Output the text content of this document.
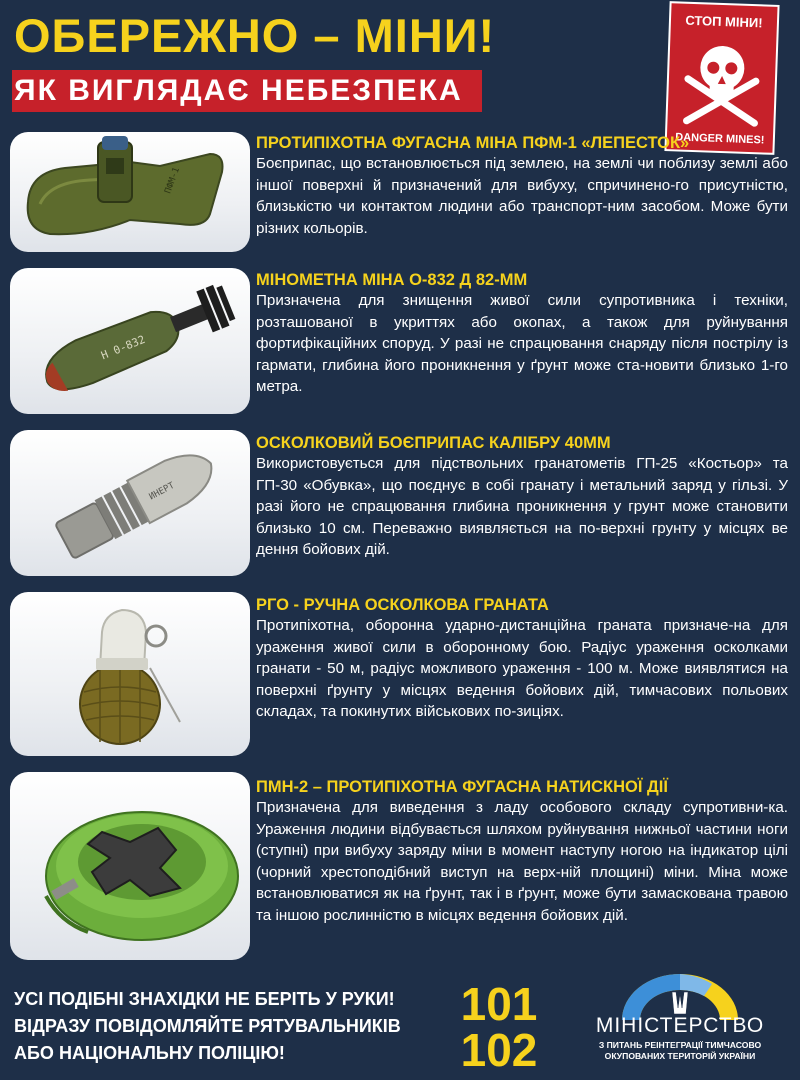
ОБЕРЕЖНО – МІНИ!
ЯК ВИГЛЯДАЄ НЕБЕЗПЕКА
СТОП МІНИ!
DANGER MINES!
ПФМ-1
ПРОТИПІХОТНА ФУГАСНА МІНА ПФМ-1 «ЛЕПЕСТОК»
Боєприпас, що встановлюється під землею, на землі чи поблизу землі або іншої поверхні й призначений для вибуху, спричинено-го присутністю, близькістю чи контактом людини або транспорт-ним засобом. Може бути різних кольорів.
Н 0-832
МІНОМЕТНА МІНА О-832 Д 82-ММ
Призначена для знищення живої сили супротивника і техніки, розташованої в укриттях або окопах, а також для руйнування фортифікаційних споруд. У разі не спрацювання снаряду після пострілу із гармати, глибина його проникнення у ґрунт може ста-новити близько 1-го метра.
ИНЕРТ
ОСКОЛКОВИЙ БОЄПРИПАС КАЛІБРУ 40ММ
Використовується для підствольних гранатометів ГП-25 «Костьор» та ГП-30 «Обувка», що поєднує в собі гранату і метальний заряд у гільзі. У разі його не спрацювання глибина проникнення у грунт може становити близько 10 см. Переважно виявляється на по-верхні грунту у місцях ве дення бойових дій.
РГО - РУЧНА ОСКОЛКОВА ГРАНАТА
Протипіхотна, оборонна ударно-дистанційна граната призначе-на для ураження живої сили в оборонному бою. Радіус ураження осколками гранати - 50 м, радіус можливого ураження - 100 м. Може виявлятися на поверхні ґрунту у місцях ведення бойових дій, тимчасових польових складах, та покинутих військових по-зиціях.
ПМН-2 – ПРОТИПІХОТНА ФУГАСНА НАТИСКНОЇ ДІЇ
Призначена для виведення з ладу особового складу супротивни-ка. Ураження людини відбувається шляхом руйнування нижньої частини ноги (ступні) при вибуху заряду міни в момент наступу ногою на індикатор цілі (чорний хрестоподібний виступ на верх-ній площині) міни. Міна може встановлюватися як на ґрунт, так і в ґрунт, може бути замаскована травою та іншою рослинністю в місцях ведення бойових дій.
УСІ ПОДІБНІ ЗНАХІДКИ НЕ БЕРІТЬ У РУКИ!
ВІДРАЗУ ПОВІДОМЛЯЙТЕ РЯТУВАЛЬНИКІВ
АБО НАЦІОНАЛЬНУ ПОЛІЦІЮ!
101
102	МІНІСТЕРСТВО
З ПИТАНЬ РЕІНТЕГРАЦІЇ ТИМЧАСОВО
ОКУПОВАНИХ ТЕРИТОРІЙ УКРАЇНИ
